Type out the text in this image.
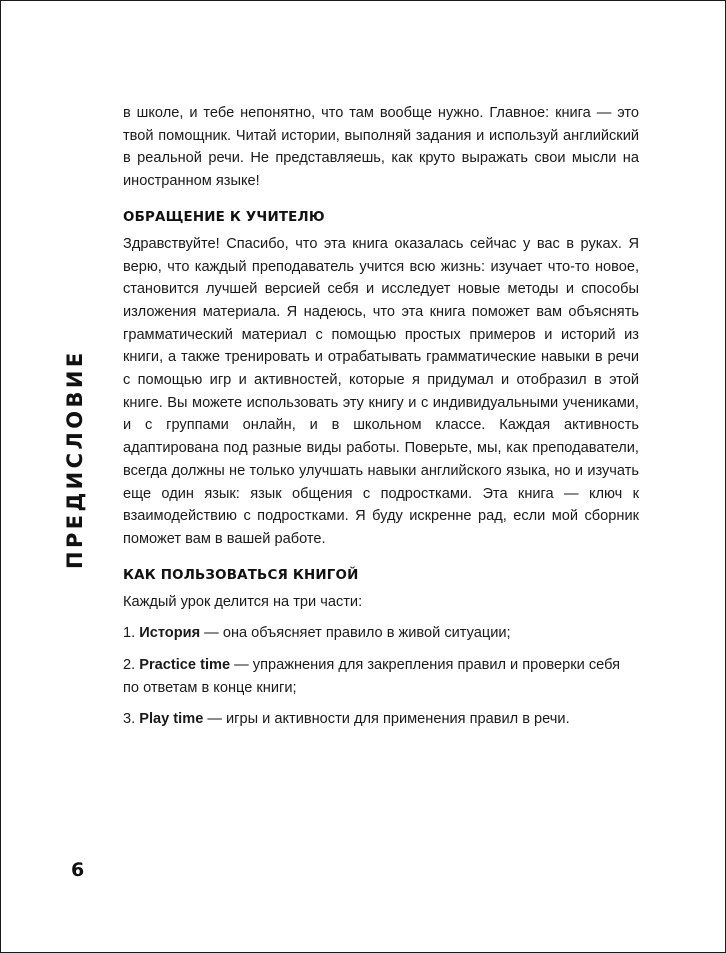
ПРЕДИСЛОВИЕ

в школе, и тебе непонятно, что там вообще нужно. Главное: книга — это твой помощник. Читай истории, выполняй задания и используй английский в реальной речи. Не представляешь, как круто выражать свои мысли на иностранном языке!

ОБРАЩЕНИЕ К УЧИТЕЛЮ

Здравствуйте! Спасибо, что эта книга оказалась сейчас у вас в руках. Я верю, что каждый преподаватель учится всю жизнь: изучает что-то новое, становится лучшей версией себя и исследует новые методы и способы изложения материала. Я надеюсь, что эта книга поможет вам объяснять грамматический материал с помощью простых примеров и историй из книги, а также тренировать и отрабатывать грамматические навыки в речи с помощью игр и активностей, которые я придумал и отобразил в этой книге. Вы можете использовать эту книгу и с индивидуальными учениками, и с группами онлайн, и в школьном классе. Каждая активность адаптирована под разные виды работы. Поверьте, мы, как преподаватели, всегда должны не только улучшать навыки английского языка, но и изучать еще один язык: язык общения с подростками. Эта книга — ключ к взаимодействию с подростками. Я буду искренне рад, если мой сборник поможет вам в вашей работе.

КАК ПОЛЬЗОВАТЬСЯ КНИГОЙ

Каждый урок делится на три части:

1. История — она объясняет правило в живой ситуации;

2. Practice time — упражнения для закрепления правил и проверки себя по ответам в конце книги;

3. Play time — игры и активности для применения правил в речи.

6
